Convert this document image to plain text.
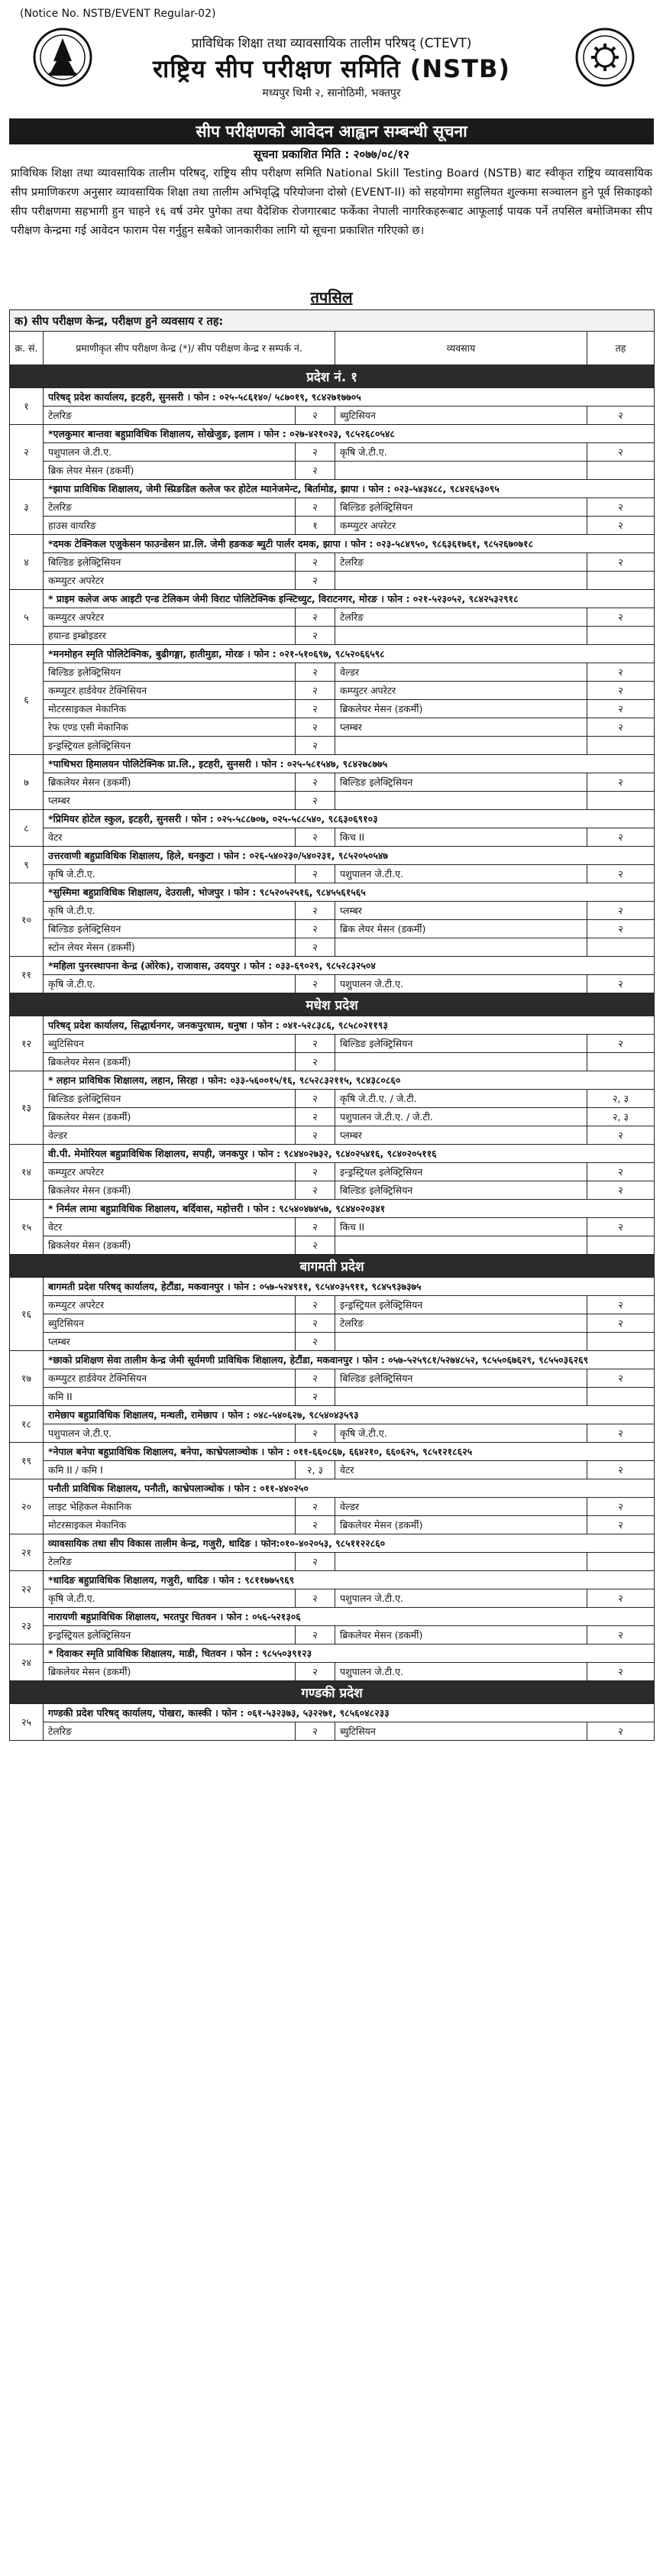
(Notice No. NSTB/EVENT Regular-02)
प्राविधिक शिक्षा तथा व्यावसायिक तालीम परिषद् (CTEVT)
राष्ट्रिय सीप परीक्षण समिति (NSTB)
मध्यपुर थिमी २, सानोठिमी, भक्तपुर
सीप परीक्षणको आवेदन आह्वान सम्बन्धी सूचना
सूचना प्रकाशित मिति : २०७७/०८/१२
प्राविधिक शिक्षा तथा व्यावसायिक तालीम परिषद्, राष्ट्रिय सीप परीक्षण समिति National Skill Testing Board (NSTB) बाट स्वीकृत राष्ट्रिय व्यावसायिक सीप प्रमाणिकरण अनुसार व्यावसायिक शिक्षा तथा तालीम अभिवृद्धि परियोजना दोस्रो (EVENT-II) को सहयोगमा सहुलियत शुल्कमा सञ्चालन हुने पूर्व सिकाइको सीप परीक्षणमा सहभागी हुन चाहने १६ वर्ष उमेर पुगेका तथा वैदेशिक रोजगारबाट फर्केका नेपाली नागरिकहरूबाट आफूलाई पायक पर्ने तपसिल बमोजिमका सीप परीक्षण केन्द्रमा गई आवेदन फाराम पेस गर्नुहुन सबैको जानकारीका लागि यो सूचना प्रकाशित गरिएको छ।
तपसिल
क) सीप परीक्षण केन्द्र, परीक्षण हुने व्यवसाय र तह:				
क्र. सं.	प्रमाणीकृत सीप परीक्षण केन्द्र (*)/ सीप परीक्षण केन्द्र र सम्पर्क नं.		व्यवसाय	तह
प्रदेश नं. १				
१	परिषद् प्रदेश कार्यालय, इटहरी, सुनसरी । फोन : ०२५-५८६१४०/ ५८७०१९, ९८४२७१७७०५			
	टेलरिङ	२	ब्युटिसियन	२
२	*एलकुमार बान्तवा बहुप्राविधिक शिक्षालय, सोखेजुङ, इलाम । फोन : ०२७-४२१०२३, ९८५२६८०५४८			
	पशुपालन जे.टी.ए.	२	कृषि जे.टी.ए.	२
	ब्रिक लेयर मेसन (डकर्मी)	२		
३	*झापा प्राविधिक शिक्षालय, जेमी स्प्रिङडिल कलेज फर होटेल म्यानेजमेन्ट, बिर्तामोड, झापा । फोन : ०२३-५४३४८८, ९८४२६५३०९५			
	टेलरिङ	२	बिल्डिङ इलेक्ट्रिसियन	२
	हाउस वायरिङ	१	कम्प्युटर अपरेटर	२
४	*दमक टेक्निकल एजुकेसन फाउन्डेसन प्रा.लि. जेमी हङकङ ब्युटी पार्लर दमक, झापा । फोन : ०२३-५८४९५०, ९८६३६१७६१, ९८५२६७०७१८			
	बिल्डिङ इलेक्ट्रिसियन	२	टेलरिङ	२
	कम्प्युटर अपरेटर	२		
५	* प्राइम कलेज अफ आइटी एन्ड टेलिकम जेमी विराट पोलिटेक्निक इन्स्टिच्युट, विराटनगर, मोरङ । फोन : ०२१-५२३०५२, ९८४२५३२९१८			
	कम्प्युटर अपरेटर	२	टेलरिङ	२
	हयान्ड इम्ब्रोइडरर	२		
६	*मनमोहन स्मृति पोलिटेक्निक, बुढीगङ्गा, हातीमुडा, मोरङ । फोन : ०२१-५१०६९७, ९८५२०६६५९८			
	बिल्डिङ इलेक्ट्रिसियन	२	वेल्डर	२
	कम्प्युटर हार्डवेयर टेक्निसियन	२	कम्प्युटर अपरेटर	२
	मोटरसाइकल मेकानिक	२	ब्रिकलेयर मेसन (डकर्मी)	२
	रेफ एण्ड एसी मेकानिक	२	प्लम्बर	२
	इन्ड्रस्ट्रियल इलेक्ट्रिसियन	२		
७	*पाथिभरा हिमालयन पोलिटेक्निक प्रा.लि., इटहरी, सुनसरी । फोन : ०२५-५८१५४७, ९८४२७८७७५			
	ब्रिकलेयर मेसन (डकर्मी)	२	बिल्डिङ इलेक्ट्रिसियन	२
	प्लम्बर	२		
८	*प्रिमियर होटेल स्कुल, इटहरी, सुनसरी । फोन : ०२५-५८८७०७, ०२५-५८८५४०, ९८६३०६९१०३			
	वेटर	२	किच II	२
९	उत्तरवाणी बहुप्राविधिक शिक्षालय, हिले, धनकुटा । फोन : ०२६-५४०२३०/५४०२३१, ९८५२०५०५४७			
	कृषि जे.टी.ए.	२	पशुपालन जे.टी.ए.	२
१०	*सुस्मिमा बहुप्राविधिक शिक्षालय, देउराली, भोजपुर । फोन : ९८५२०५२५१६, ९८४५५६१५६५			
	कृषि जे.टी.ए.	२	प्लम्बर	२
	बिल्डिङ इलेक्ट्रिसियन	२	ब्रिक लेयर मेसन (डकर्मी)	२
	स्टोन लेयर मेसन (डकर्मी)	२		
११	*महिला पुनरस्थापना केन्द्र (ओरेक), राजावास, उदयपुर । फोन : ०३३-६९०२९, ९८५२८३२५०४			
	कृषि जे.टी.ए.	२	पशुपालन जे.टी.ए.	२
मधेश प्रदेश				
१२	परिषद् प्रदेश कार्यालय, सिद्धार्थनगर, जनकपुरधाम, धनुषा । फोन : ०४१-५२८३८६, ९८५८०२११९३			
	ब्युटिसियन	२	बिल्डिङ इलेक्ट्रिसियन	२
	ब्रिकलेयर मेसन (डकर्मी)	२		
१३	* लहान प्राविधिक शिक्षालय, लहान, सिरहा । फोन: ०३३-५६००१५/१६, ९८५२८३२११५, ९८४३८०८६०			
	बिल्डिङ इलेक्ट्रिसियन	२	कृषि जे.टी.ए. / जे.टी.	२, ३
	ब्रिकलेयर मेसन (डकर्मी)	२	पशुपालन जे.टी.ए. / जे.टी.	२, ३
	वेल्डर	२	प्लम्बर	२
१४	वी.पी. मेमोरियल बहुप्राविधिक शिक्षालय, सपही, जनकपुर । फोन : ९८४४०२७३२, ९८४०२५४१६, ९८४०२०५११६			
	कम्प्युटर अपरेटर	२	इन्ड्रस्ट्रियल इलेक्ट्रिसियन	२
	ब्रिकलेयर मेसन (डकर्मी)	२	बिल्डिङ इलेक्ट्रिसियन	२
१५	* निर्मल लामा बहुप्राविधिक शिक्षालय, बर्दिवास, महोत्तरी । फोन : ९८५४०४७४५७, ९८४४०२०३४१			
	वेटर	२	किच II	२
	ब्रिकलेयर मेसन (डकर्मी)	२		
बागमती प्रदेश				
१६	बागमती प्रदेश परिषद् कार्यालय, हेटौंडा, मकवानपुर । फोन : ०५७-५२४९११, ९८५४०३५९११, ९८४५९३७३७५			
	कम्प्युटर अपरेटर	२	इन्ड्रस्ट्रियल इलेक्ट्रिसियन	२
	ब्युटिसियन	२	टेलरिङ	२
	प्लम्बर	२		
१७	*छाको प्रशिक्षण सेवा तालीम केन्द्र जेमी सूर्यमणी प्राविधिक शिक्षालय, हेटौंडा, मकवानपुर । फोन : ०५७-५२५९८१/५२७४८५२, ९८५५०६७६२९, ९८५५०३६२६९			
	कम्प्युटर हार्डवेयर टेक्निसियन	२	बिल्डिङ इलेक्ट्रिसियन	२
	कमि II	२		
१८	रामेछाप बहुप्राविधिक शिक्षालय, मन्थली, रामेछाप । फोन : ०४८-५४०६२७, ९८५४०४३५९३			
	पशुपालन जे.टी.ए.	२	कृषि जे.टी.ए.	२
१९	*नेपाल बनेपा बहुप्राविधिक शिक्षालय, बनेपा, काभ्रेपलाञ्चोक । फोन : ०११-६६०८६७, ६६४२१०, ६६०६२५, ९८५१२१८६२५			
	कमि II / कमि I	२, ३	वेटर	२
२०	पनौती प्राविधिक शिक्षालय, पनौती, काभ्रेपलाञ्चोक । फोन : ०११-४४०२५०			
	लाइट भेहिकल मेकानिक	२	वेल्डर	२
	मोटरसाइकल मेकानिक	२	ब्रिकलेयर मेसन (डकर्मी)	२
२१	व्यावसायिक तथा सीप विकास तालीम केन्द्र, गजुरी, धादिङ । फोन:०१०-४०२०५३, ९८५११२२८६०			
	टेलरिङ	२		
२२	*धादिङ बहुप्राविधिक शिक्षालय, गजुरी, धादिङ । फोन : ९८११७७५९६९			
	कृषि जे.टी.ए.	२	पशुपालन जे.टी.ए.	२
२३	नारायणी बहुप्राविधिक शिक्षालय, भरतपुर चितवन । फोन : ०५६-५२१३०६			
	इन्ड्रस्ट्रियल इलेक्ट्रिसियन	२	ब्रिकलेयर मेसन (डकर्मी)	२
२४	* दिवाकर स्मृति प्राविधिक शिक्षालय, माडी, चितवन । फोन : ९८५५०३९१२३			
	ब्रिकलेयर मेसन (डकर्मी)	२	पशुपालन जे.टी.ए.	२
गण्डकी प्रदेश				
२५	गण्डकी प्रदेश परिषद् कार्यालय, पोखरा, कास्की । फोन : ०६१-५३२३७३, ५३२२७१, ९८५६०४८२३३			
	टेलरिङ	२	ब्युटिसियन	२
